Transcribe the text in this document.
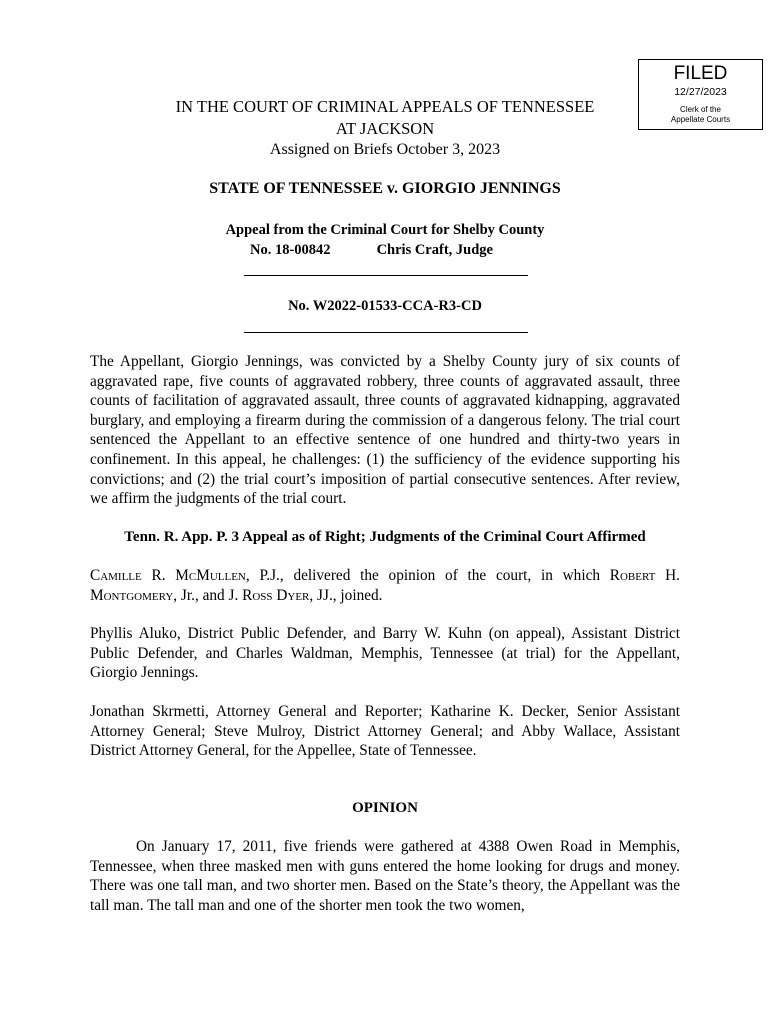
FILED
12/27/2023
Clerk of the
Appellate Courts
IN THE COURT OF CRIMINAL APPEALS OF TENNESSEE
AT JACKSON
Assigned on Briefs October 3, 2023
STATE OF TENNESSEE v. GIORGIO JENNINGS
Appeal from the Criminal Court for Shelby County
No. 18-00842	Chris Craft, Judge
No. W2022-01533-CCA-R3-CD

The Appellant, Giorgio Jennings, was convicted by a Shelby County jury of six counts of aggravated rape, five counts of aggravated robbery, three counts of aggravated assault, three counts of facilitation of aggravated assault, three counts of aggravated kidnapping, aggravated burglary, and employing a firearm during the commission of a dangerous felony. The trial court sentenced the Appellant to an effective sentence of one hundred and thirty-two years in confinement. In this appeal, he challenges: (1) the sufficiency of the evidence supporting his convictions; and (2) the trial court’s imposition of partial consecutive sentences. After review, we affirm the judgments of the trial court.

Tenn. R. App. P. 3 Appeal as of Right; Judgments of the Criminal Court Affirmed

Camille R. McMullen, P.J., delivered the opinion of the court, in which Robert H. Montgomery, Jr., and J. Ross Dyer, JJ., joined.

Phyllis Aluko, District Public Defender, and Barry W. Kuhn (on appeal), Assistant District Public Defender, and Charles Waldman, Memphis, Tennessee (at trial) for the Appellant, Giorgio Jennings.

Jonathan Skrmetti, Attorney General and Reporter; Katharine K. Decker, Senior Assistant Attorney General; Steve Mulroy, District Attorney General; and Abby Wallace, Assistant District Attorney General, for the Appellee, State of Tennessee.

OPINION

On January 17, 2011, five friends were gathered at 4388 Owen Road in Memphis, Tennessee, when three masked men with guns entered the home looking for drugs and money. There was one tall man, and two shorter men. Based on the State’s theory, the Appellant was the tall man. The tall man and one of the shorter men took the two women,
